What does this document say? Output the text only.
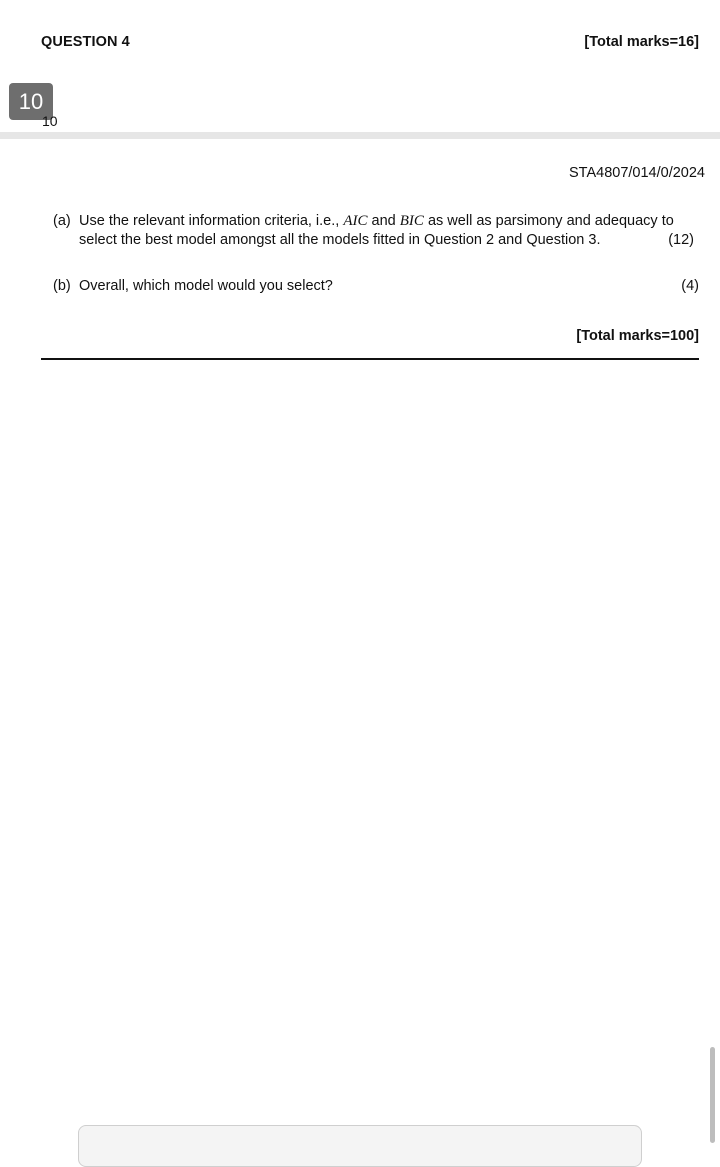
QUESTION 4	[Total marks=16]
10
10
STA4807/014/0/2024
(a) Use the relevant information criteria, i.e., AIC and BIC as well as parsimony and adequacy to select the best model amongst all the models fitted in Question 2 and Question 3.	(12)
(b) Overall, which model would you select?	(4)
[Total marks=100]
